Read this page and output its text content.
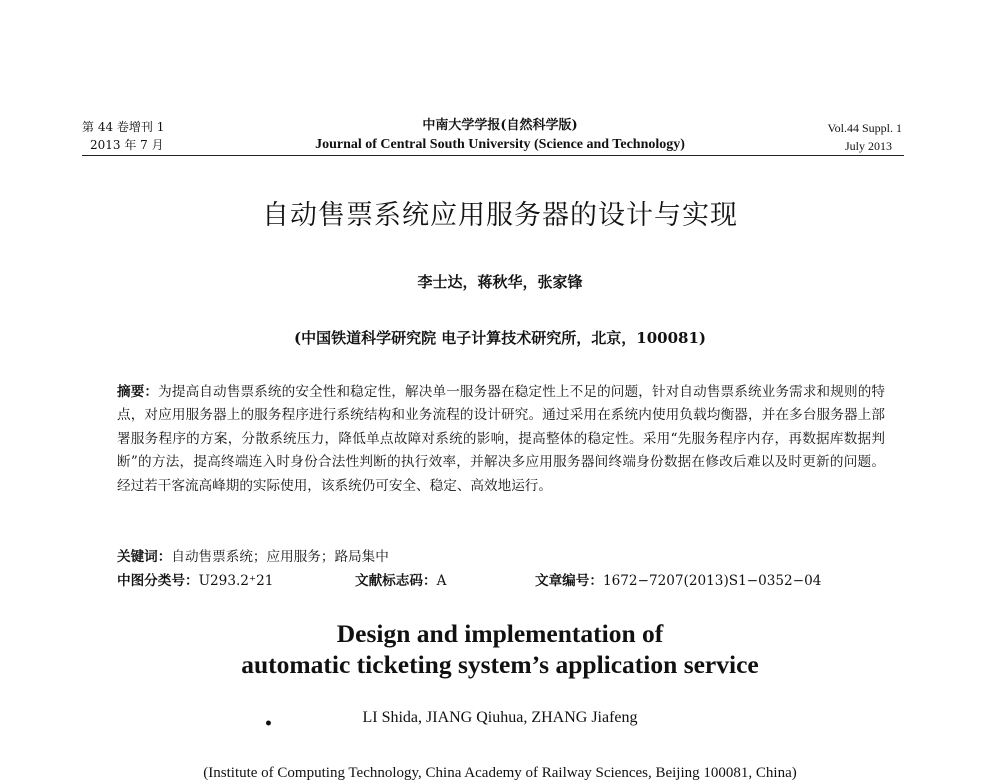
第 44 卷增刊 1
2013 年 7 月
中南大学学报(自然科学版)
Journal of Central South University (Science and Technology)
Vol.44 Suppl. 1
July 2013
自动售票系统应用服务器的设计与实现
李士达，蒋秋华，张家锋
(中国铁道科学研究院 电子计算技术研究所，北京，100081)
摘要：为提高自动售票系统的安全性和稳定性，解决单一服务器在稳定性上不足的问题，针对自动售票系统业务需求和规则的特点，对应用服务器上的服务程序进行系统结构和业务流程的设计研究。通过采用在系统内使用负载均衡器，并在多台服务器上部署服务程序的方案，分散系统压力，降低单点故障对系统的影响，提高整体的稳定性。采用“先服务程序内存，再数据库数据判断”的方法，提高终端连入时身份合法性判断的执行效率，并解决多应用服务器间终端身份数据在修改后难以及时更新的问题。经过若干客流高峰期的实际使用，该系统仍可安全、稳定、高效地运行。
关键词：自动售票系统；应用服务；路局集中
中图分类号：U293.2⁺21	文献标志码：A	文章编号：1672−7207(2013)S1−0352−04
Design and implementation of
automatic ticketing system’s application service
•	LI Shida, JIANG Qiuhua, ZHANG Jiafeng
(Institute of Computing Technology, China Academy of Railway Sciences, Beijing 100081, China)
